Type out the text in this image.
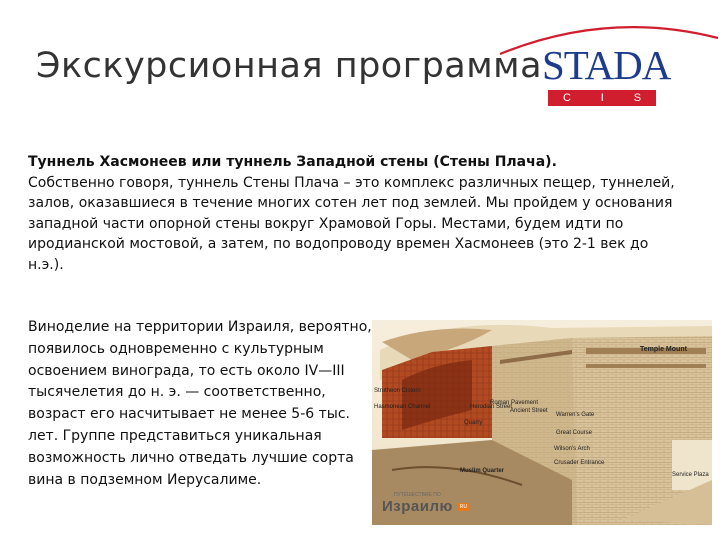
Экскурсионная программа STADA
C	I	S
Туннель Хасмонеев или туннель Западной стены (Стены Плача).
Собственно говоря, туннель Стены Плача – это комплекс различных пещер, туннелей, залов, оказавшиеся в течение многих сотен лет под землей. Мы пройдем у основания западной части опорной стены вокруг Храмовой Горы. Местами, будем идти по иродианской мостовой, а затем, по водопроводу времен Хасмонеев (это 2-1 век до н.э.).
Виноделие на территории Израиля, вероятно, появилось одновременно с культурным освоением винограда, то есть около IV—III тысячелетия до н. э. — соответственно, возраст его насчитывает не менее 5-6 тыс. лет. Группе представиться уникальная возможность лично отведать лучшие сорта вина в подземном Иерусалиме.
Temple Mount
Strutheon Cistern
Hasmonean Channel	Herodian Street
Roman Pavement
Ancient Street
Quarry
Warren's Gate
Great Course
Wilson's Arch
Crusader Entrance
Service Plaza
Muslim Quarter
ПУТЕШЕСТВИЕ ПО
Израилю RU
